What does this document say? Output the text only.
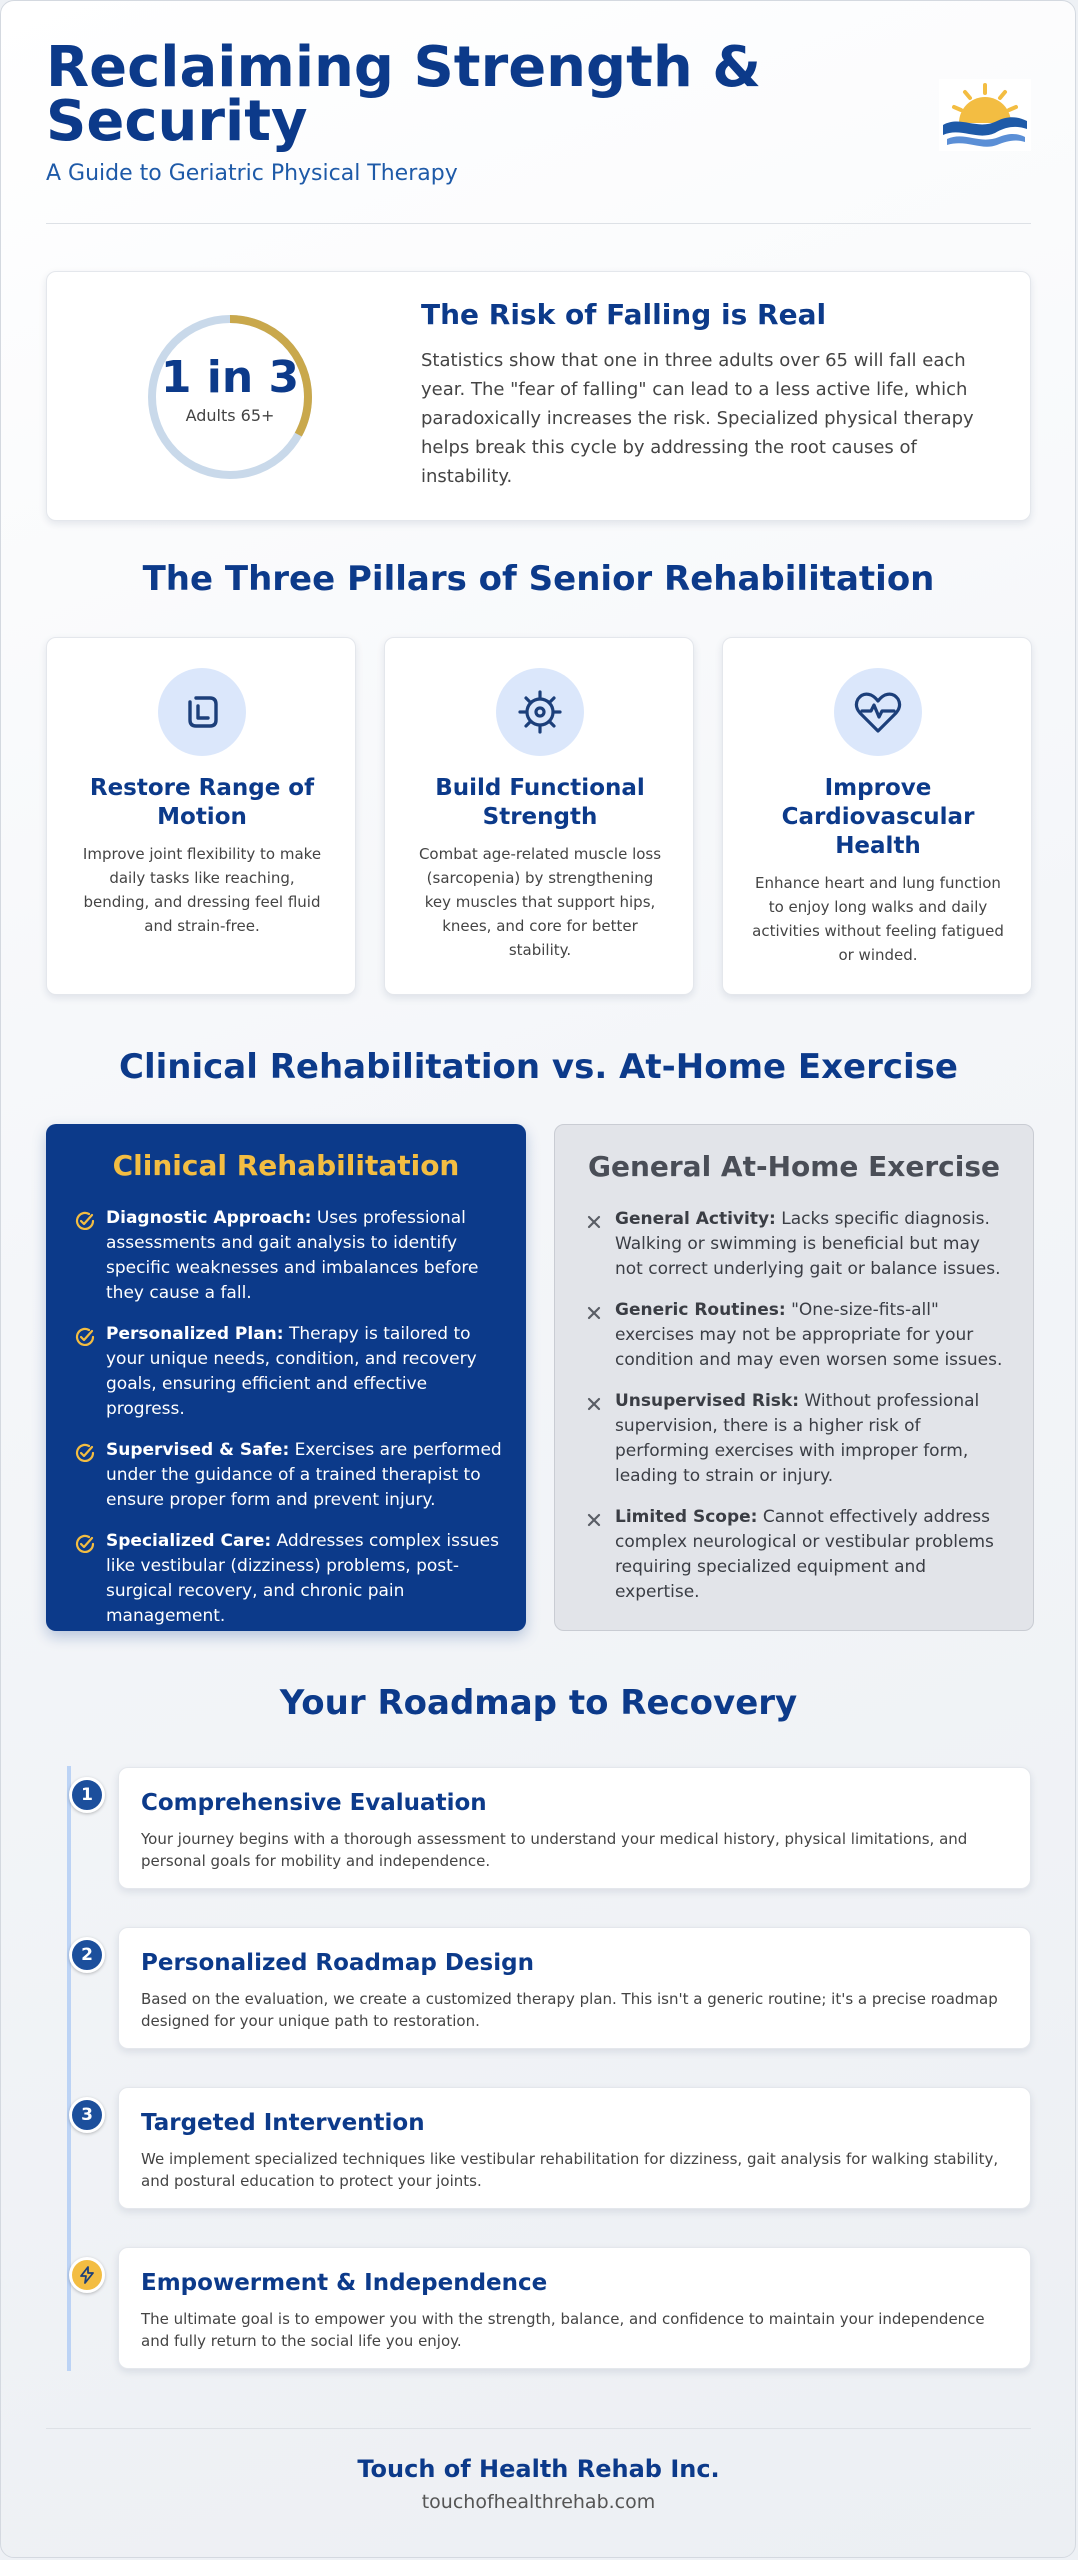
Reclaiming Strength & Security
A Guide to Geriatric Physical Therapy
1 in 3
Adults 65+
The Risk of Falling is Real

Statistics show that one in three adults over 65 will fall each year. The "fear of falling" can lead to a less active life, which paradoxically increases the risk. Specialized physical therapy helps break this cycle by addressing the root causes of instability.

The Three Pillars of Senior Rehabilitation
Restore Range of Motion

Improve joint flexibility to make daily tasks like reaching, bending, and dressing feel fluid and strain-free.

Build Functional Strength

Combat age-related muscle loss (sarcopenia) by strengthening key muscles that support hips, knees, and core for better stability.

Improve Cardiovascular Health

Enhance heart and lung function to enjoy long walks and daily activities without feeling fatigued or winded.

Clinical Rehabilitation vs. At-Home Exercise
Clinical Rehabilitation
Diagnostic Approach: Uses professional assessments and gait analysis to identify specific weaknesses and imbalances before they cause a fall.
Personalized Plan: Therapy is tailored to your unique needs, condition, and recovery goals, ensuring efficient and effective progress.
Supervised & Safe: Exercises are performed under the guidance of a trained therapist to ensure proper form and prevent injury.
Specialized Care: Addresses complex issues like vestibular (dizziness) problems, post-surgical recovery, and chronic pain management.
General At-Home Exercise
General Activity: Lacks specific diagnosis. Walking or swimming is beneficial but may not correct underlying gait or balance issues.
Generic Routines: "One-size-fits-all" exercises may not be appropriate for your condition and may even worsen some issues.
Unsupervised Risk: Without professional supervision, there is a higher risk of performing exercises with improper form, leading to strain or injury.
Limited Scope: Cannot effectively address complex neurological or vestibular problems requiring specialized equipment and expertise.
Your Roadmap to Recovery
1	Comprehensive Evaluation

Your journey begins with a thorough assessment to understand your medical history, physical limitations, and personal goals for mobility and independence.

2	Personalized Roadmap Design

Based on the evaluation, we create a customized therapy plan. This isn't a generic routine; it's a precise roadmap designed for your unique path to restoration.

3	Targeted Intervention

We implement specialized techniques like vestibular rehabilitation for dizziness, gait analysis for walking stability, and postural education to protect your joints.

Empowerment & Independence

The ultimate goal is to empower you with the strength, balance, and confidence to maintain your independence and fully return to the social life you enjoy.

Touch of Health Rehab Inc.
touchofhealthrehab.com
